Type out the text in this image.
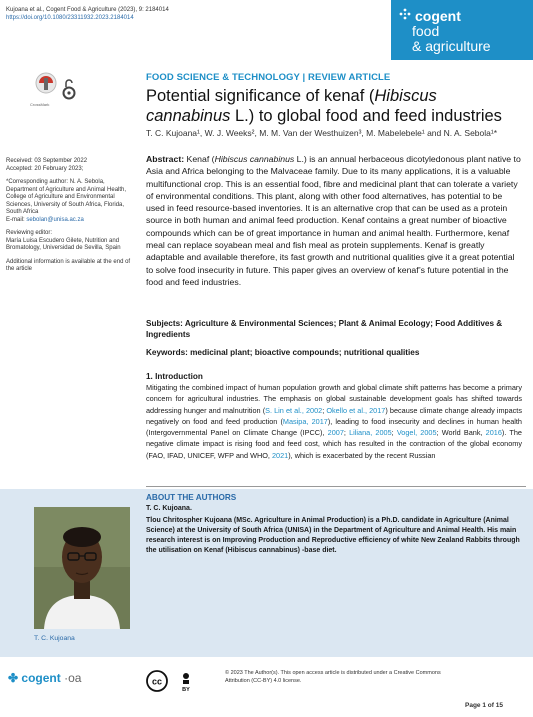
Kujoana et al., Cogent Food & Agriculture (2023), 9: 2184014
https://doi.org/10.1080/23311932.2023.2184014	cogent
food
& agriculture
CrossMark
FOOD SCIENCE & TECHNOLOGY | REVIEW ARTICLE
Potential significance of kenaf (Hibiscus cannabinus L.) to global food and feed industries
T. C. Kujoana¹, W. J. Weeks², M. M. Van der Westhuizen³, M. Mabelebele¹ and N. A. Sebola¹*

Received: 03 September 2022
Accepted: 20 February 2023;

*Corresponding author: N. A. Sebola, Department of Agriculture and Animal Health, College of Agriculture and Environmental Sciences, University of South Africa, Florida, South Africa
E-mail: sebolan@unisa.ac.za

Reviewing editor:
María Luisa Escudero Gilete, Nutrition and Bromatology, Universidad de Sevilla, Spain

Additional information is available at the end of the article

Abstract: Kenaf (Hibiscus cannabinus L.) is an annual herbaceous dicotyledonous plant native to Asia and Africa belonging to the Malvaceae family. Due to its many applications, it is a valuable multifunctional crop. This is an essential food, fibre and medicinal plant that can tolerate a variety of environmental conditions. This plant, along with other food alternatives, has potential to be used in feed resource-based inventories. It is an alternative crop that can be used as a protein source in both human and animal feed production. Kenaf contains a great number of bioactive compounds which can be of great importance in human and animal health. Furthermore, kenaf meal can replace soyabean meal and fish meal as protein supplements. Kenaf is greatly adaptable and available therefore, its fast growth and nutritional qualities give it a great potential to solve food insecurity in future. This paper gives an overview of kenaf’s future potential in the food and feed industries.
Subjects: Agriculture & Environmental Sciences; Plant & Animal Ecology; Food Additives & Ingredients
Keywords: medicinal plant; bioactive compounds; nutritional qualities
1. Introduction
Mitigating the combined impact of human population growth and global climate shift patterns has become a primary concern for agricultural industries. The emphasis on global sustainable development goals has shifted towards addressing hunger and malnutrition (S. Lin et al., 2002; Okello et al., 2017) because climate change already impacts negatively on food and feed production (Masipa, 2017), leading to food insecurity and declines in human health (Intergovernmental Panel on Climate Change (IPCC), 2007; Liliana, 2005; Vogel, 2005; World Bank, 2016). The negative climate impact is rising food and feed cost, which has resulted in the contraction of the global economy (FAO, IFAD, UNICEF, WFP and WHO, 2021), which is exacerbated by the recent Russian
ABOUT THE AUTHORS
T. C. Kujoana.
Tlou Chritospher Kujoana (MSc. Agriculture in Animal Production) is a Ph.D. candidate in Agriculture (Animal Science) at the University of South Africa (UNISA) in the Department of Agriculture and Animal Health. His main research interest is on Improving Production and Reproductive efficiency of white New Zealand Rabbits through the utilisation on Kenaf (Hibiscus cannabinus) -base diet.
T. C. Kujoana
✤ cogent ·oa	cc
BY
© 2023 The Author(s). This open access article is distributed under a Creative Commons Attribution (CC-BY) 4.0 license.
Page 1 of 15
